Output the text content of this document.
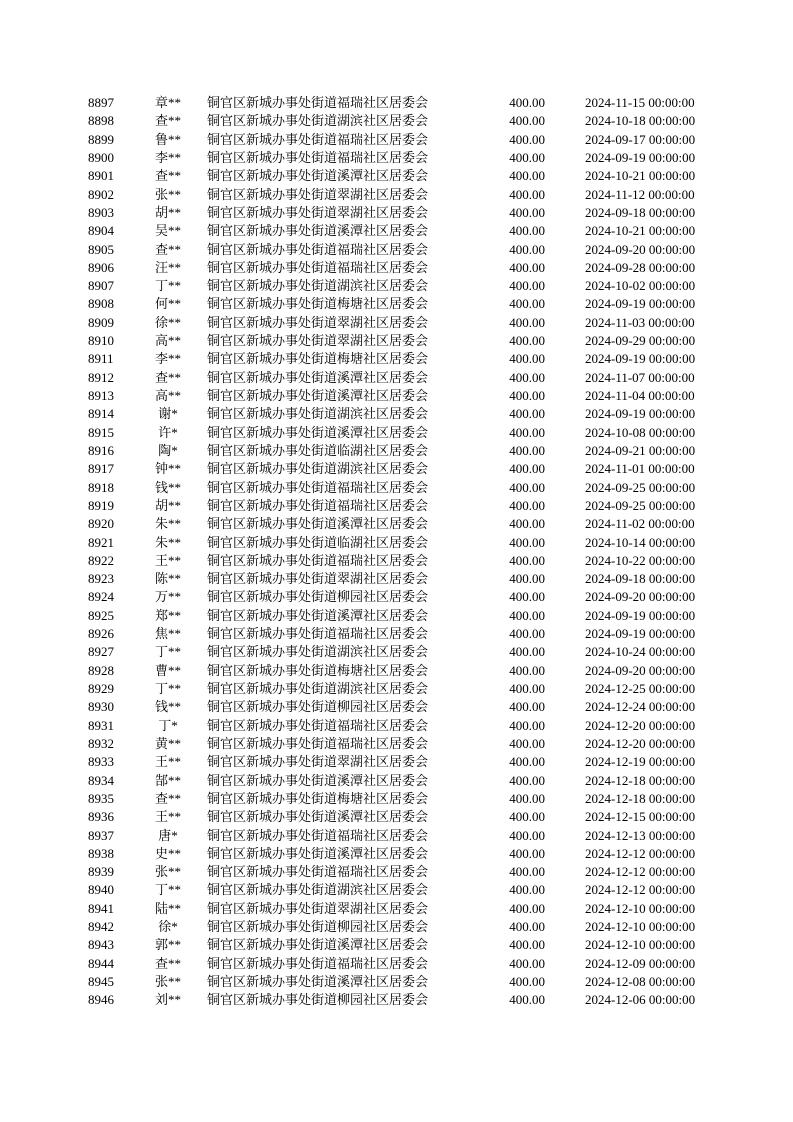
8897	章**	铜官区新城办事处街道福瑞社区居委会	400.00	2024-11-15 00:00:00
8898	查**	铜官区新城办事处街道湖滨社区居委会	400.00	2024-10-18 00:00:00
8899	鲁**	铜官区新城办事处街道福瑞社区居委会	400.00	2024-09-17 00:00:00
8900	李**	铜官区新城办事处街道福瑞社区居委会	400.00	2024-09-19 00:00:00
8901	查**	铜官区新城办事处街道溪潭社区居委会	400.00	2024-10-21 00:00:00
8902	张**	铜官区新城办事处街道翠湖社区居委会	400.00	2024-11-12 00:00:00
8903	胡**	铜官区新城办事处街道翠湖社区居委会	400.00	2024-09-18 00:00:00
8904	吴**	铜官区新城办事处街道溪潭社区居委会	400.00	2024-10-21 00:00:00
8905	查**	铜官区新城办事处街道福瑞社区居委会	400.00	2024-09-20 00:00:00
8906	汪**	铜官区新城办事处街道福瑞社区居委会	400.00	2024-09-28 00:00:00
8907	丁**	铜官区新城办事处街道湖滨社区居委会	400.00	2024-10-02 00:00:00
8908	何**	铜官区新城办事处街道梅塘社区居委会	400.00	2024-09-19 00:00:00
8909	徐**	铜官区新城办事处街道翠湖社区居委会	400.00	2024-11-03 00:00:00
8910	高**	铜官区新城办事处街道翠湖社区居委会	400.00	2024-09-29 00:00:00
8911	李**	铜官区新城办事处街道梅塘社区居委会	400.00	2024-09-19 00:00:00
8912	查**	铜官区新城办事处街道溪潭社区居委会	400.00	2024-11-07 00:00:00
8913	高**	铜官区新城办事处街道溪潭社区居委会	400.00	2024-11-04 00:00:00
8914	谢*	铜官区新城办事处街道湖滨社区居委会	400.00	2024-09-19 00:00:00
8915	许*	铜官区新城办事处街道溪潭社区居委会	400.00	2024-10-08 00:00:00
8916	陶*	铜官区新城办事处街道临湖社区居委会	400.00	2024-09-21 00:00:00
8917	钟**	铜官区新城办事处街道湖滨社区居委会	400.00	2024-11-01 00:00:00
8918	钱**	铜官区新城办事处街道福瑞社区居委会	400.00	2024-09-25 00:00:00
8919	胡**	铜官区新城办事处街道福瑞社区居委会	400.00	2024-09-25 00:00:00
8920	朱**	铜官区新城办事处街道溪潭社区居委会	400.00	2024-11-02 00:00:00
8921	朱**	铜官区新城办事处街道临湖社区居委会	400.00	2024-10-14 00:00:00
8922	王**	铜官区新城办事处街道福瑞社区居委会	400.00	2024-10-22 00:00:00
8923	陈**	铜官区新城办事处街道翠湖社区居委会	400.00	2024-09-18 00:00:00
8924	万**	铜官区新城办事处街道柳园社区居委会	400.00	2024-09-20 00:00:00
8925	郑**	铜官区新城办事处街道溪潭社区居委会	400.00	2024-09-19 00:00:00
8926	焦**	铜官区新城办事处街道福瑞社区居委会	400.00	2024-09-19 00:00:00
8927	丁**	铜官区新城办事处街道湖滨社区居委会	400.00	2024-10-24 00:00:00
8928	曹**	铜官区新城办事处街道梅塘社区居委会	400.00	2024-09-20 00:00:00
8929	丁**	铜官区新城办事处街道湖滨社区居委会	400.00	2024-12-25 00:00:00
8930	钱**	铜官区新城办事处街道柳园社区居委会	400.00	2024-12-24 00:00:00
8931	丁*	铜官区新城办事处街道福瑞社区居委会	400.00	2024-12-20 00:00:00
8932	黄**	铜官区新城办事处街道福瑞社区居委会	400.00	2024-12-20 00:00:00
8933	王**	铜官区新城办事处街道翠湖社区居委会	400.00	2024-12-19 00:00:00
8934	郜**	铜官区新城办事处街道溪潭社区居委会	400.00	2024-12-18 00:00:00
8935	查**	铜官区新城办事处街道梅塘社区居委会	400.00	2024-12-18 00:00:00
8936	王**	铜官区新城办事处街道溪潭社区居委会	400.00	2024-12-15 00:00:00
8937	唐*	铜官区新城办事处街道福瑞社区居委会	400.00	2024-12-13 00:00:00
8938	史**	铜官区新城办事处街道溪潭社区居委会	400.00	2024-12-12 00:00:00
8939	张**	铜官区新城办事处街道福瑞社区居委会	400.00	2024-12-12 00:00:00
8940	丁**	铜官区新城办事处街道湖滨社区居委会	400.00	2024-12-12 00:00:00
8941	陆**	铜官区新城办事处街道翠湖社区居委会	400.00	2024-12-10 00:00:00
8942	徐*	铜官区新城办事处街道柳园社区居委会	400.00	2024-12-10 00:00:00
8943	郭**	铜官区新城办事处街道溪潭社区居委会	400.00	2024-12-10 00:00:00
8944	查**	铜官区新城办事处街道福瑞社区居委会	400.00	2024-12-09 00:00:00
8945	张**	铜官区新城办事处街道溪潭社区居委会	400.00	2024-12-08 00:00:00
8946	刘**	铜官区新城办事处街道柳园社区居委会	400.00	2024-12-06 00:00:00
